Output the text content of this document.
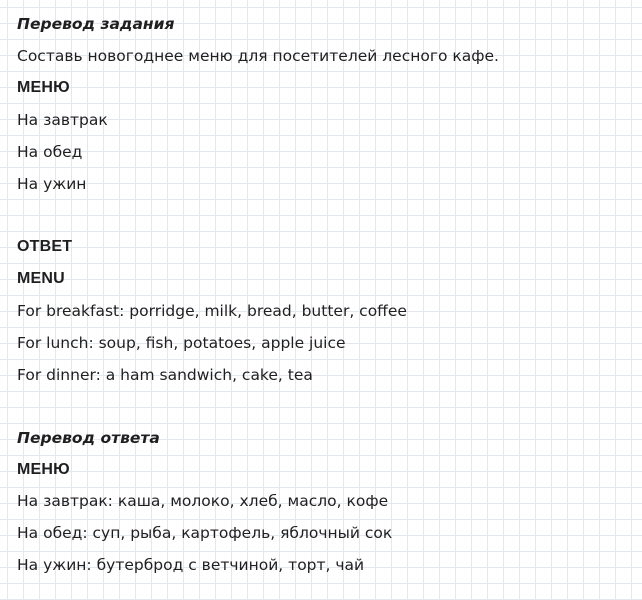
Перевод задания
Составь новогоднее меню для посетителей лесного кафе.
МЕНЮ
На завтрак
На обед
На ужин
ОТВЕТ
MENU
For breakfast: porridge, milk, bread, butter, coffee
For lunch: soup, fish, potatoes, apple juice
For dinner: a ham sandwich, cake, tea
Перевод ответа
МЕНЮ
На завтрак: каша, молоко, хлеб, масло, кофе
На обед: суп, рыба, картофель, яблочный сок
На ужин: бутерброд с ветчиной, торт, чай
